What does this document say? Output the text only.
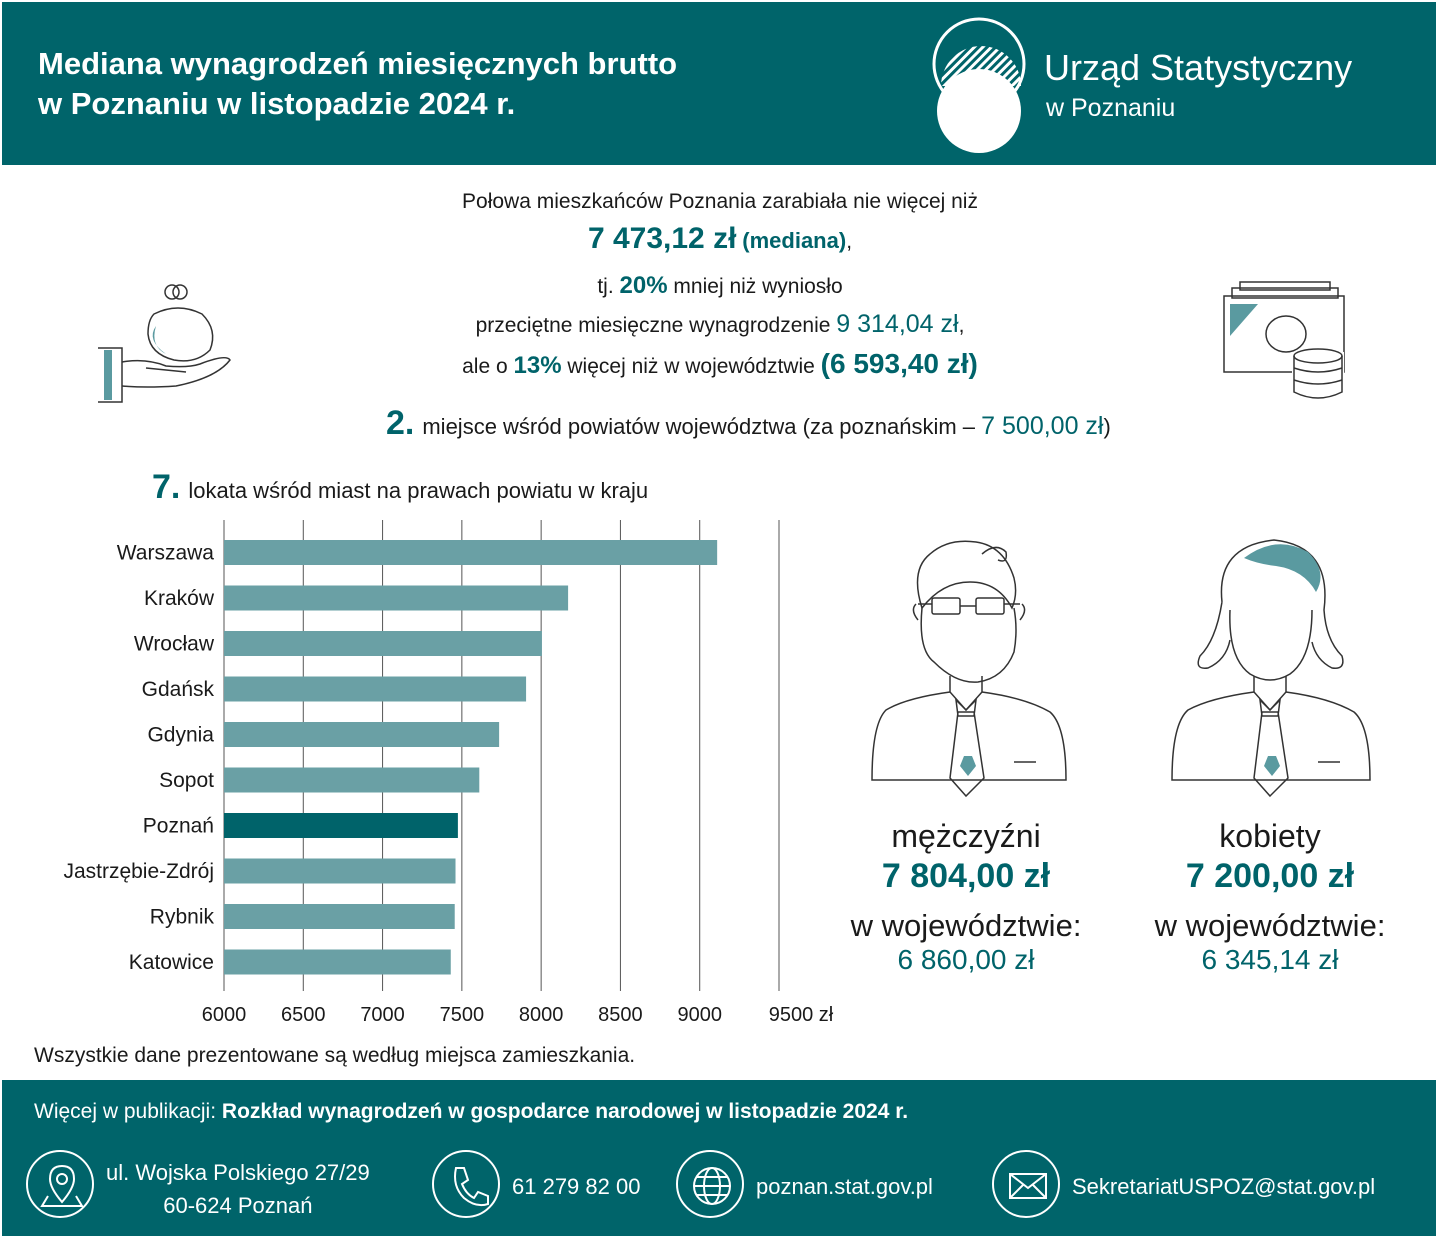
Mediana wynagrodzeń miesięcznych brutto
w Poznaniu w listopadzie 2024 r.
Urząd Statystyczny
w Poznaniu
Połowa mieszkańców Poznania zarabiała nie więcej niż
7 473,12 zł (mediana),
tj. 20% mniej niż wyniosło
przeciętne miesięczne wynagrodzenie 9 314,04 zł,
ale o 13% więcej niż w województwie (6 593,40 zł)
2. miejsce wśród powiatów województwa (za poznańskim – 7 500,00 zł)
7. lokata wśród miast na prawach powiatu w kraju
6000 6500 7000 7500 8000 8500 9000 9500 zł
Warszawa
Kraków
Wrocław
Gdańsk
Gdynia
Sopot
Poznań
Jastrzębie-Zdrój
Rybnik
Katowice
Wszystkie dane prezentowane są według miejsca zamieszkania.
mężczyźni
7 804,00 zł
w województwie:
6 860,00 zł
kobiety
7 200,00 zł
w województwie:
6 345,14 zł
Więcej w publikacji: Rozkład wynagrodzeń w gospodarce narodowej w listopadzie 2024 r.
ul. Wojska Polskiego 27/29
60-624 Poznań
61 279 82 00	poznan.stat.gov.pl	SekretariatUSPOZ@stat.gov.pl
